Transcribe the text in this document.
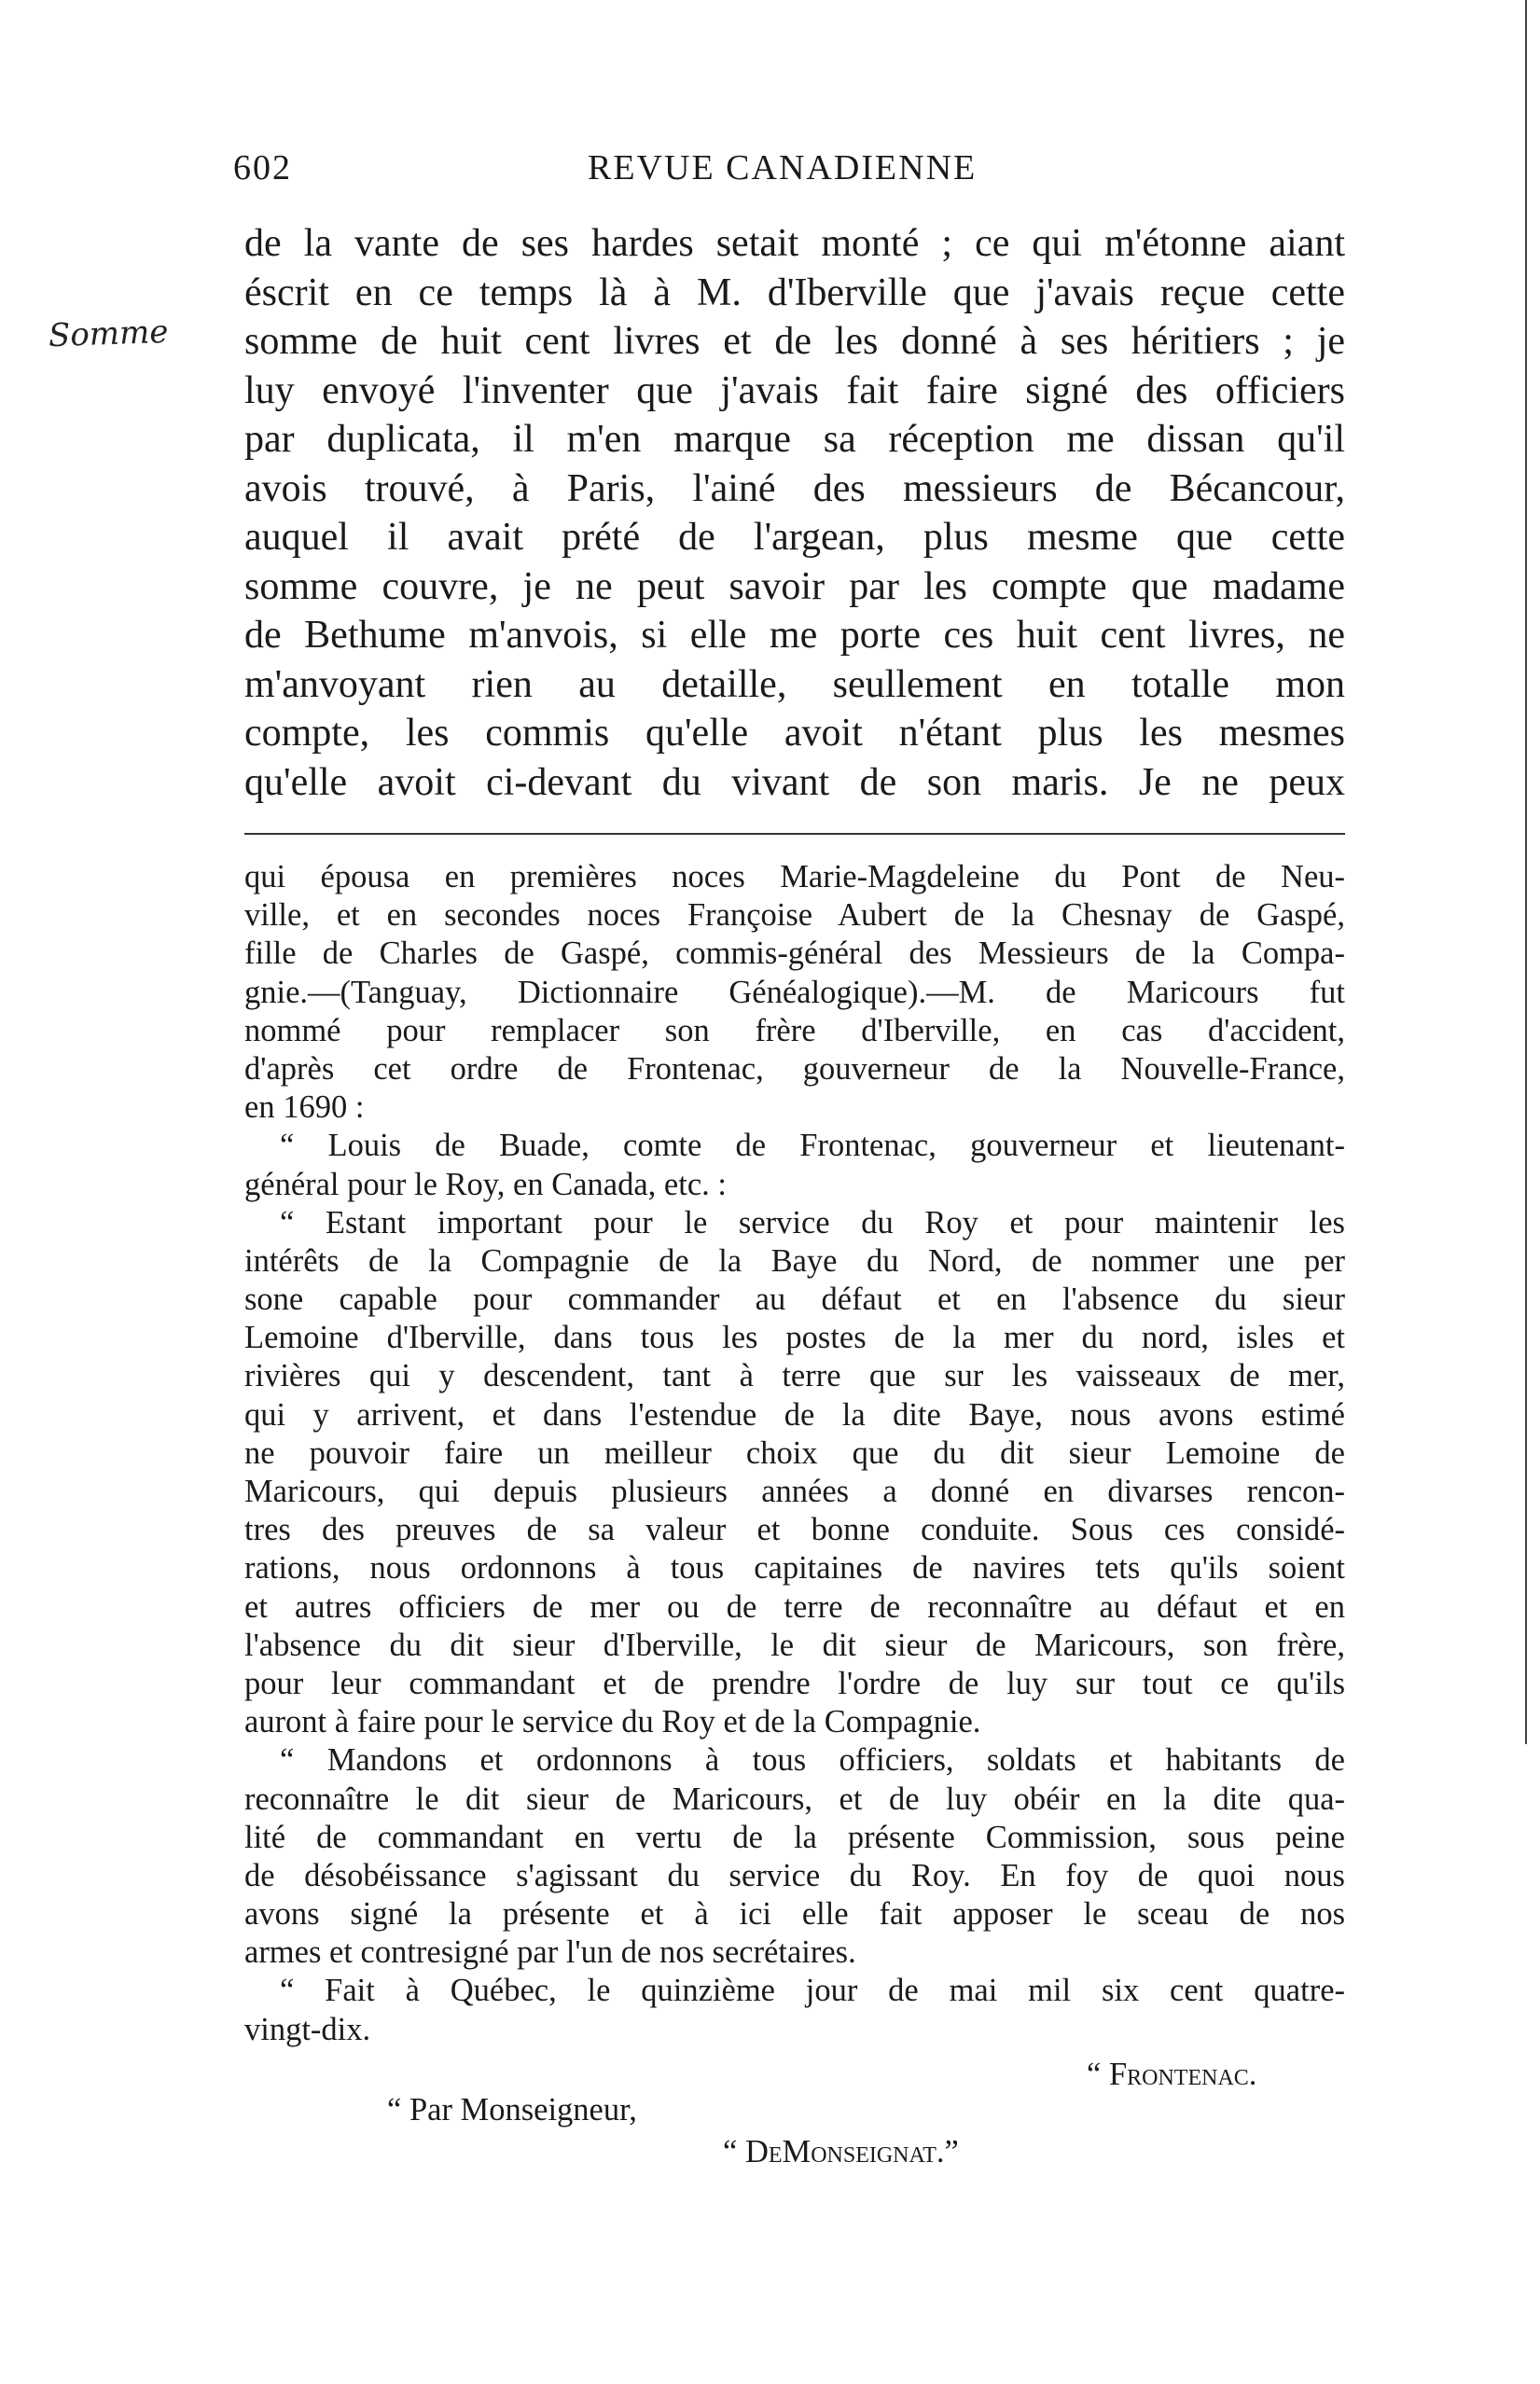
602	REVUE CANADIENNE
Somme
de la vante de ses hardes setait monté ; ce qui m'étonne aiant
éscrit en ce temps là à M. d'Iberville que j'avais reçue cette
somme de huit cent livres et de les donné à ses héritiers ; je
luy envoyé l'inventer que j'avais fait faire signé des officiers
par duplicata, il m'en marque sa réception me dissan qu'il
avois trouvé, à Paris, l'ainé des messieurs de Bécancour,
auquel il avait prété de l'argean, plus mesme que cette
somme couvre, je ne peut savoir par les compte que madame
de Bethume m'anvois, si elle me porte ces huit cent livres, ne
m'anvoyant rien au detaille, seullement en totalle mon
compte, les commis qu'elle avoit n'étant plus les mesmes
qu'elle avoit ci-devant du vivant de son maris. Je ne peux
qui épousa en premières noces Marie-Magdeleine du Pont de Neu-
ville, et en secondes noces Françoise Aubert de la Chesnay de Gaspé,
fille de Charles de Gaspé, commis-général des Messieurs de la Compa-
gnie.—(Tanguay, Dictionnaire Généalogique).—M. de Maricours fut
nommé pour remplacer son frère d'Iberville, en cas d'accident,
d'après cet ordre de Frontenac, gouverneur de la Nouvelle-France,
en 1690 :
“ Louis de Buade, comte de Frontenac, gouverneur et lieutenant-
général pour le Roy, en Canada, etc. :
“ Estant important pour le service du Roy et pour maintenir les
intérêts de la Compagnie de la Baye du Nord, de nommer une per
sone capable pour commander au défaut et en l'absence du sieur
Lemoine d'Iberville, dans tous les postes de la mer du nord, isles et
rivières qui y descendent, tant à terre que sur les vaisseaux de mer,
qui y arrivent, et dans l'estendue de la dite Baye, nous avons estimé
ne pouvoir faire un meilleur choix que du dit sieur Lemoine de
Maricours, qui depuis plusieurs années a donné en divarses rencon-
tres des preuves de sa valeur et bonne conduite. Sous ces considé-
rations, nous ordonnons à tous capitaines de navires tets qu'ils soient
et autres officiers de mer ou de terre de reconnaître au défaut et en
l'absence du dit sieur d'Iberville, le dit sieur de Maricours, son frère,
pour leur commandant et de prendre l'ordre de luy sur tout ce qu'ils
auront à faire pour le service du Roy et de la Compagnie.
“ Mandons et ordonnons à tous officiers, soldats et habitants de
reconnaître le dit sieur de Maricours, et de luy obéir en la dite qua-
lité de commandant en vertu de la présente Commission, sous peine
de désobéissance s'agissant du service du Roy. En foy de quoi nous
avons signé la présente et à ici elle fait apposer le sceau de nos
armes et contresigné par l'un de nos secrétaires.
“ Fait à Québec, le quinzième jour de mai mil six cent quatre-
vingt-dix.
“ Frontenac.
“ Par Monseigneur,
“ DeMonseignat.”
